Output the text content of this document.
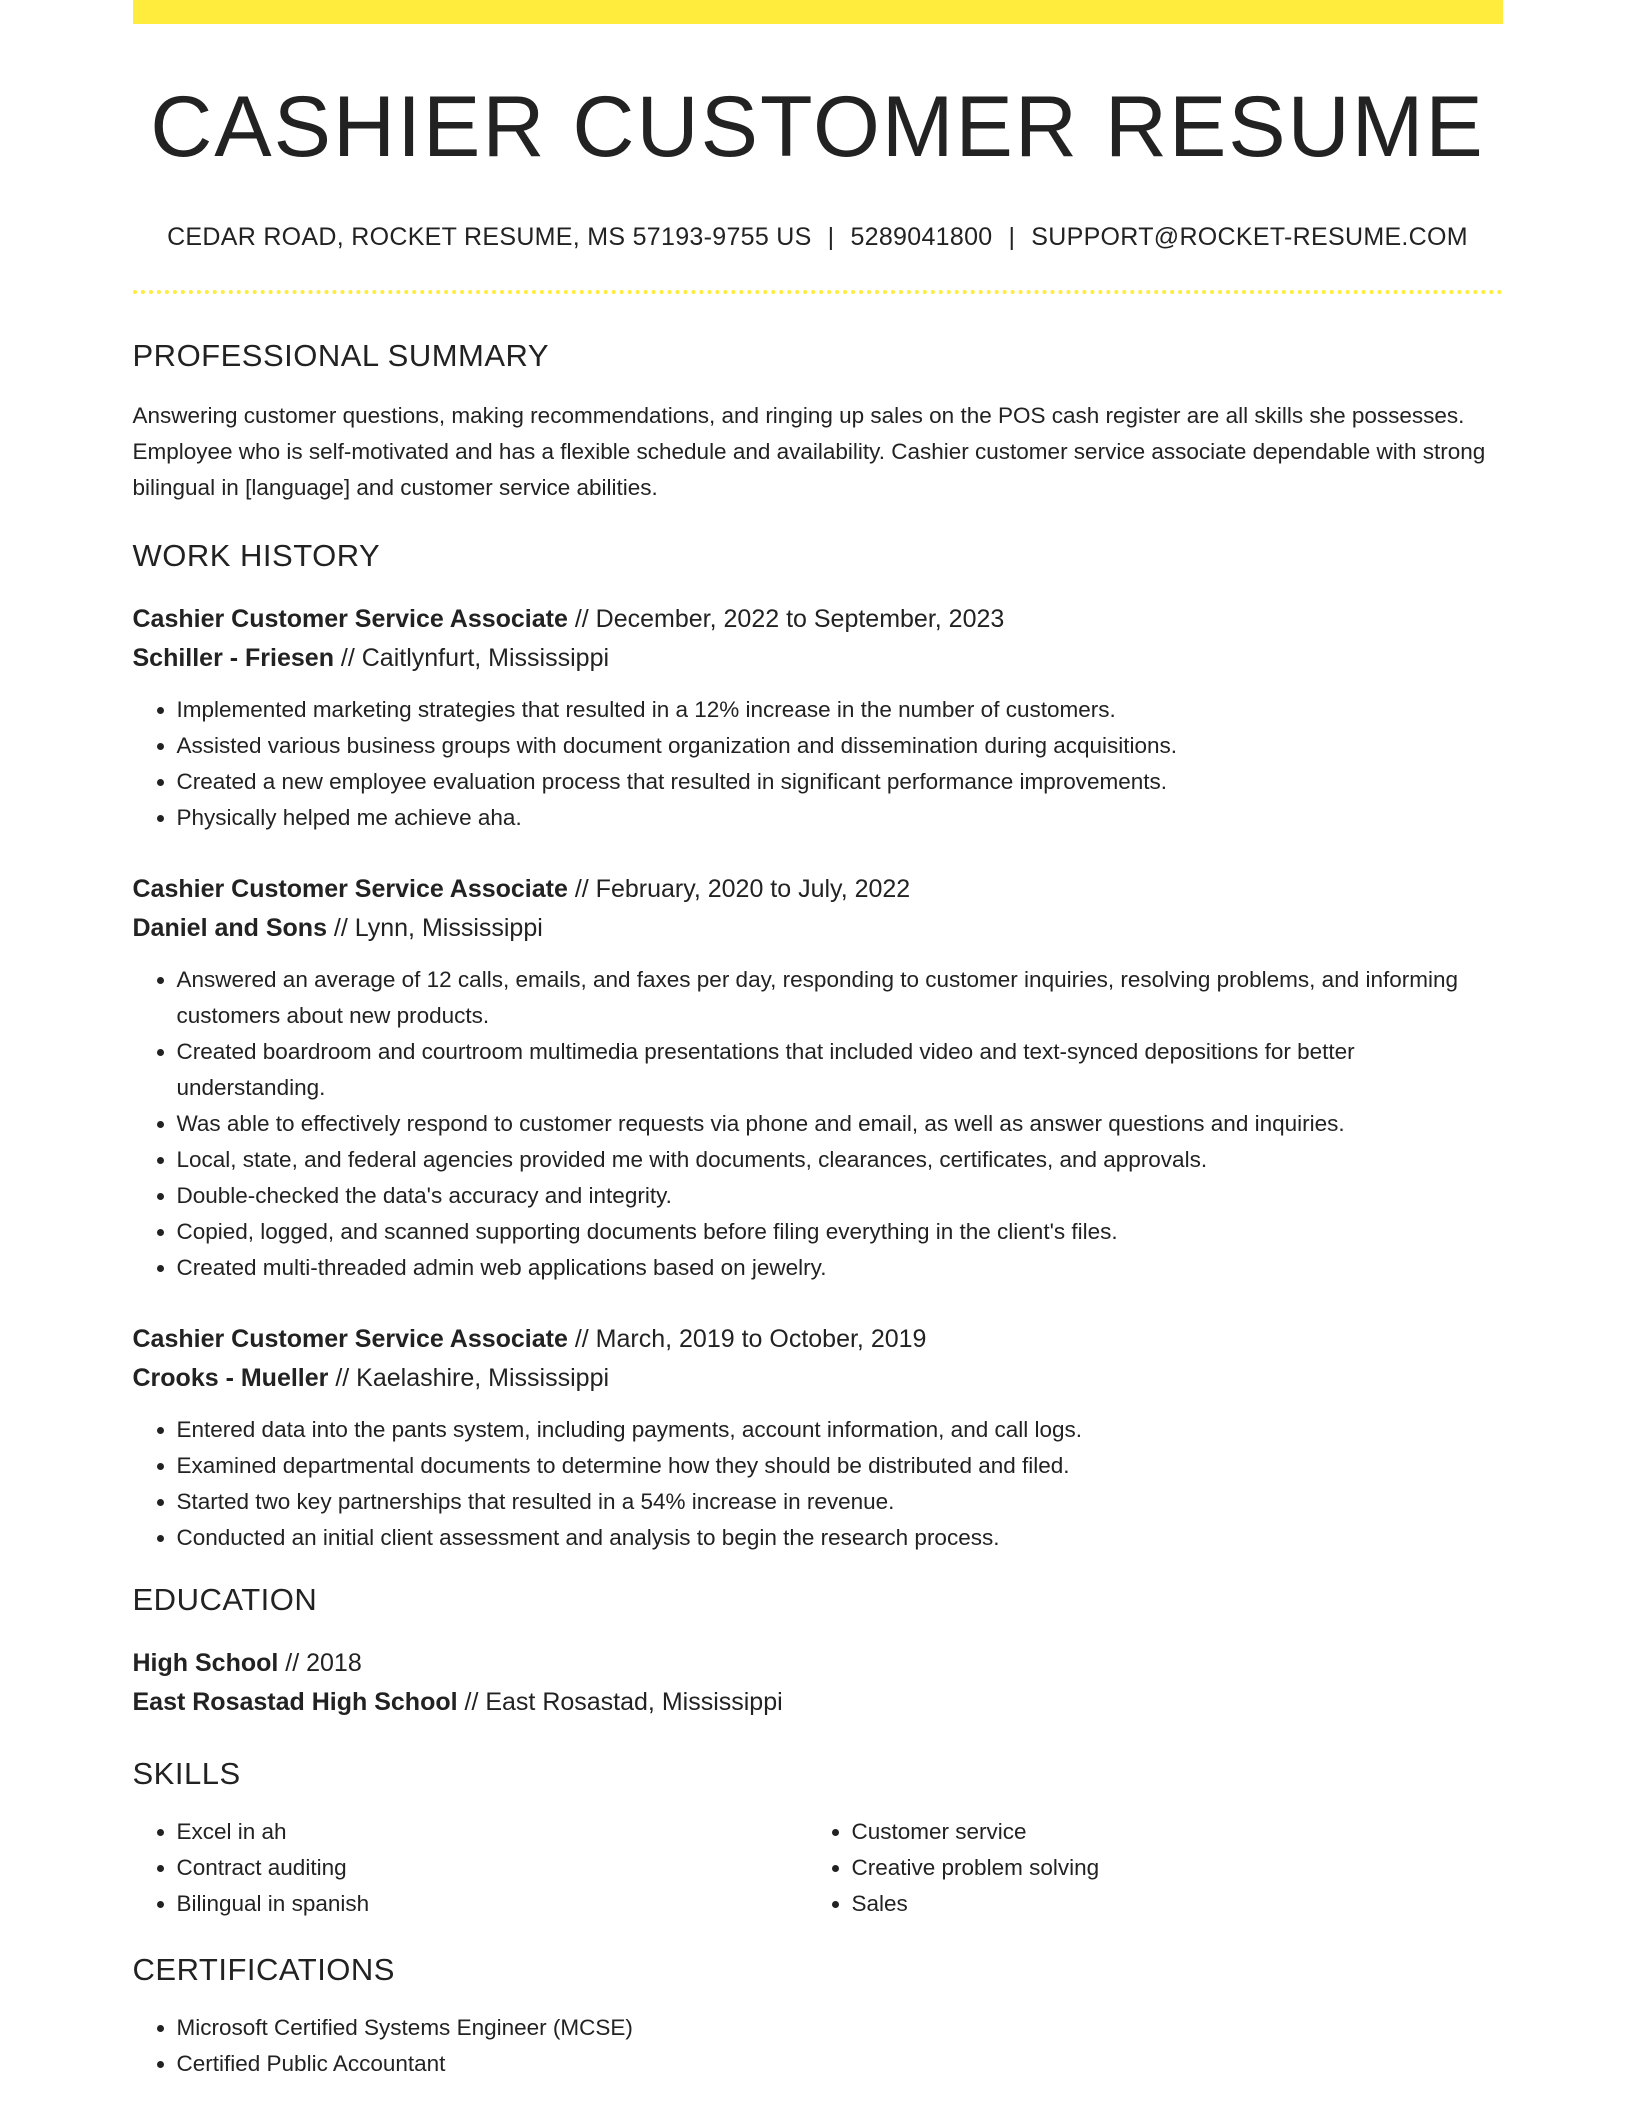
CASHIER CUSTOMER RESUME
CEDAR ROAD, ROCKET RESUME, MS 57193-9755 US | 5289041800 | SUPPORT@ROCKET-RESUME.COM
PROFESSIONAL SUMMARY

Answering customer questions, making recommendations, and ringing up sales on the POS cash register are all skills she possesses. Employee who is self-motivated and has a flexible schedule and availability. Cashier customer service associate dependable with strong bilingual in [language] and customer service abilities.

WORK HISTORY
Cashier Customer Service Associate // December, 2022 to September, 2023
Schiller - Friesen // Caitlynfurt, Mississippi
• Implemented marketing strategies that resulted in a 12% increase in the number of customers.
• Assisted various business groups with document organization and dissemination during acquisitions.
• Created a new employee evaluation process that resulted in significant performance improvements.
• Physically helped me achieve aha.
Cashier Customer Service Associate // February, 2020 to July, 2022
Daniel and Sons // Lynn, Mississippi
• Answered an average of 12 calls, emails, and faxes per day, responding to customer inquiries, resolving problems, and informing customers about new products.
• Created boardroom and courtroom multimedia presentations that included video and text-synced depositions for better understanding.
• Was able to effectively respond to customer requests via phone and email, as well as answer questions and inquiries.
• Local, state, and federal agencies provided me with documents, clearances, certificates, and approvals.
• Double-checked the data's accuracy and integrity.
• Copied, logged, and scanned supporting documents before filing everything in the client's files.
• Created multi-threaded admin web applications based on jewelry.
Cashier Customer Service Associate // March, 2019 to October, 2019
Crooks - Mueller // Kaelashire, Mississippi
• Entered data into the pants system, including payments, account information, and call logs.
• Examined departmental documents to determine how they should be distributed and filed.
• Started two key partnerships that resulted in a 54% increase in revenue.
• Conducted an initial client assessment and analysis to begin the research process.
EDUCATION
High School // 2018
East Rosastad High School // East Rosastad, Mississippi
SKILLS
• Excel in ah
• Contract auditing
• Bilingual in spanish
• Customer service
• Creative problem solving
• Sales
CERTIFICATIONS
• Microsoft Certified Systems Engineer (MCSE)
• Certified Public Accountant
